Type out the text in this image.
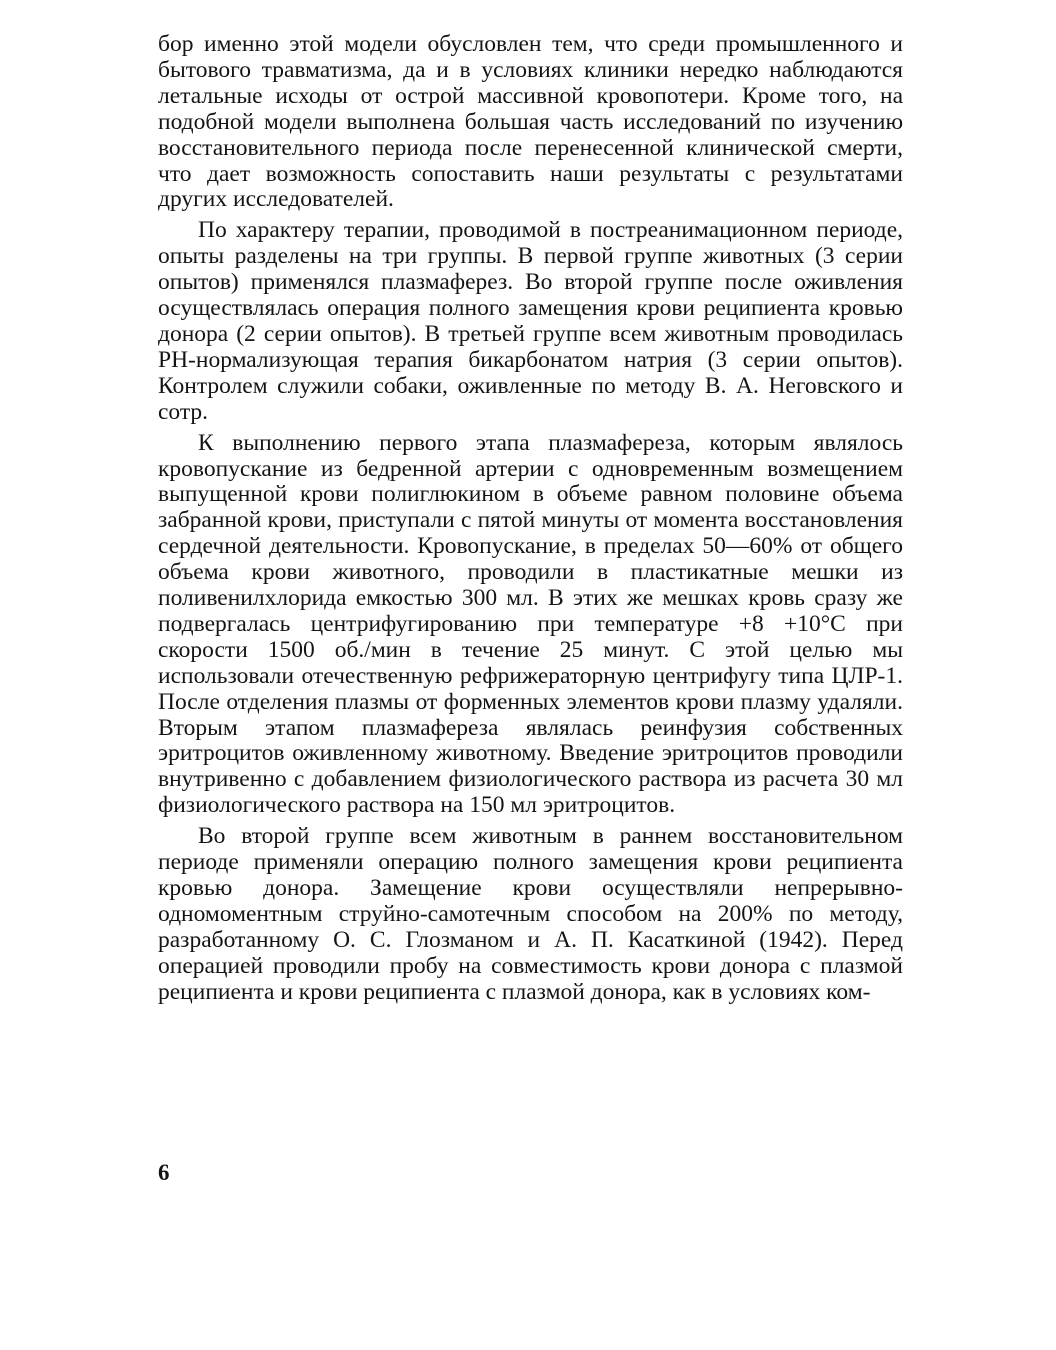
бор именно этой модели обусловлен тем, что среди промышленного и бытового травматизма, да и в условиях клиники нередко наблюдаются летальные исходы от острой массивной кровопотери. Кроме того, на подобной модели выполнена большая часть исследований по изучению восстановительного периода после перенесенной клинической смерти, что дает возможность сопоставить наши результаты с результатами других исследователей.

По характеру терапии, проводимой в постреанимационном периоде, опыты разделены на три группы. В первой группе животных (3 серии опытов) применялся плазмаферез. Во второй группе после оживления осуществлялась операция полного замещения крови реципиента кровью донора (2 серии опытов). В третьей группе всем животным проводилась PH-нормализующая терапия бикарбонатом натрия (3 серии опытов). Контролем служили собаки, оживленные по методу В. А. Неговского и сотр.

К выполнению первого этапа плазмафереза, которым являлось кровопускание из бедренной артерии с одновременным возмещением выпущенной крови полиглюкином в объеме равном половине объема забранной крови, приступали с пятой минуты от момента восстановления сердечной деятельности. Кровопускание, в пределах 50—60% от общего объема крови животного, проводили в пластикатные мешки из поливенилхлорида емкостью 300 мл. В этих же мешках кровь сразу же подвергалась центрифугированию при температуре +8 +10°С при скорости 1500 об./мин в течение 25 минут. С этой целью мы использовали отечественную рефрижераторную центрифугу типа ЦЛР-1. После отделения плазмы от форменных элементов крови плазму удаляли. Вторым этапом плазмафереза являлась реинфузия собственных эритроцитов оживленному животному. Введение эритроцитов проводили внутривенно с добавлением физиологического раствора из расчета 30 мл физиологического раствора на 150 мл эритроцитов.

Во второй группе всем животным в раннем восстановительном периоде применяли операцию полного замещения крови реципиента кровью донора. Замещение крови осуществляли непрерывно-одномоментным струйно-самотечным способом на 200% по методу, разработанному О. С. Глозманом и А. П. Касаткиной (1942). Перед операцией проводили пробу на совместимость крови донора с плазмой реципиента и крови реципиента с плазмой донора, как в условиях ком-

6
